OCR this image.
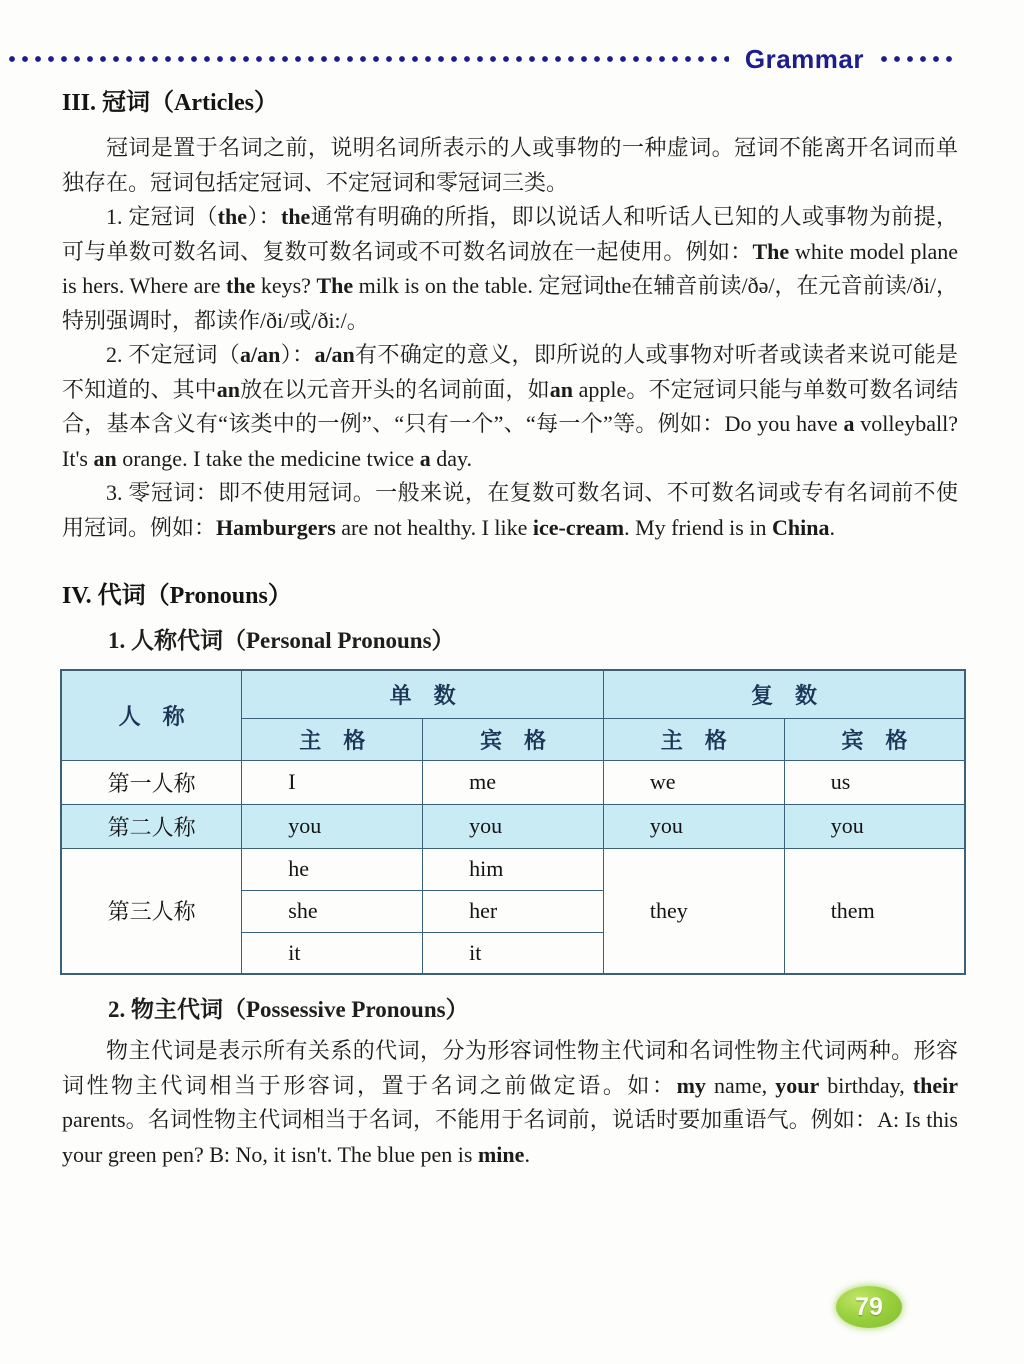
Grammar
III. 冠词（Articles）

冠词是置于名词之前，说明名词所表示的人或事物的一种虚词。冠词不能离开名词而单独存在。冠词包括定冠词、不定冠词和零冠词三类。

1. 定冠词（the）：the通常有明确的所指，即以说话人和听话人已知的人或事物为前提，可与单数可数名词、复数可数名词或不可数名词放在一起使用。例如：The white model plane is hers. Where are the keys? The milk is on the table. 定冠词the在辅音前读/ðə/，在元音前读/ði/，特别强调时，都读作/ði/或/ði:/。

2. 不定冠词（a/an）：a/an有不确定的意义，即所说的人或事物对听者或读者来说可能是不知道的、其中an放在以元音开头的名词前面，如an apple。不定冠词只能与单数可数名词结合，基本含义有“该类中的一例”、“只有一个”、“每一个”等。例如：Do you have a volleyball? It's an orange. I take the medicine twice a day.

3. 零冠词：即不使用冠词。一般来说，在复数可数名词、不可数名词或专有名词前不使用冠词。例如：Hamburgers are not healthy. I like ice-cream. My friend is in China.

IV. 代词（Pronouns）
1. 人称代词（Personal Pronouns）
人　称	单　数		复　数	
	主　格	宾　格	主　格	宾　格
第一人称	I	me	we	us
第二人称	you	you	you	you
第三人称	he	him	they	them
	she	her		
	it	it		
2. 物主代词（Possessive Pronouns）

物主代词是表示所有关系的代词，分为形容词性物主代词和名词性物主代词两种。形容词性物主代词相当于形容词，置于名词之前做定语。如：my name, your birthday, their parents。名词性物主代词相当于名词，不能用于名词前，说话时要加重语气。例如：A: Is this your green pen? B: No, it isn't. The blue pen is mine.

79
